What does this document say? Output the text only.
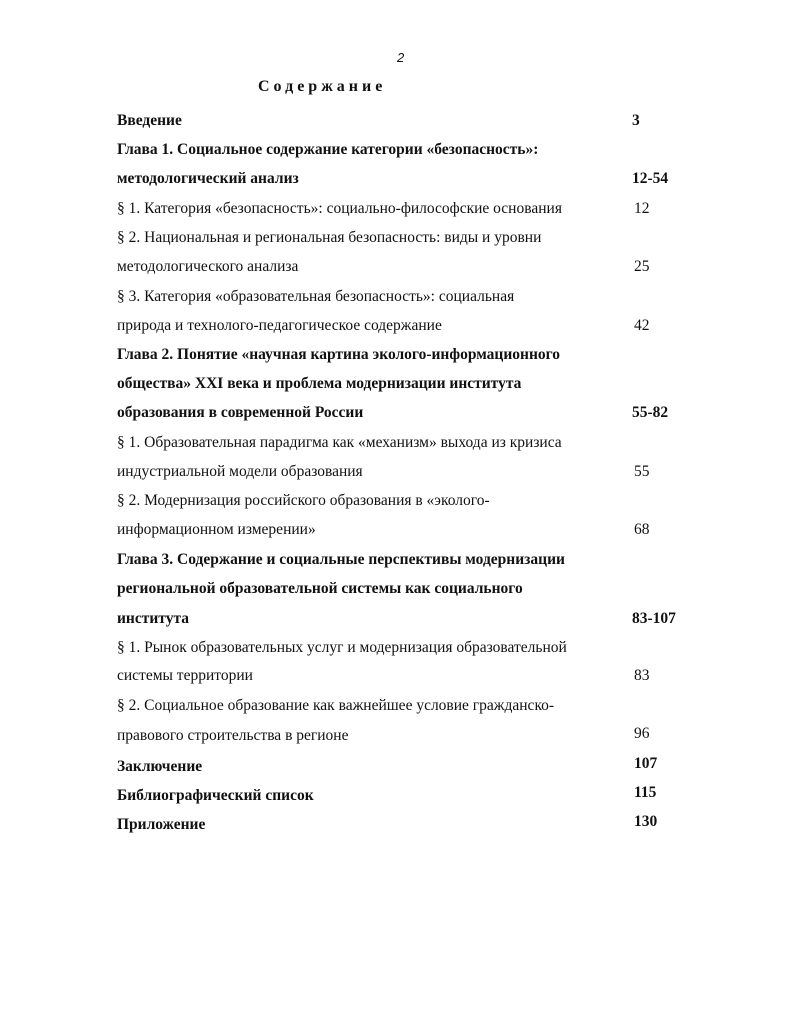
2
Содержание
Введение	3
Глава 1. Социальное содержание категории «безопасность»:
методологический анализ	12-54
§ 1. Категория «безопасность»: социально-философские основания	12
§ 2. Национальная и региональная безопасность: виды и уровни
методологического анализа	25
§ 3. Категория «образовательная безопасность»: социальная
природа и технолого-педагогическое содержание	42
Глава 2. Понятие «научная картина эколого-информационного
общества» XXI века и проблема модернизации института
образования в современной России	55-82
§ 1. Образовательная парадигма как «механизм» выхода из кризиса
индустриальной модели образования	55
§ 2. Модернизация российского образования в «эколого-
информационном измерении»	68
Глава 3. Содержание и социальные перспективы модернизации
региональной образовательной системы как социального
института	83-107
§ 1. Рынок образовательных услуг и модернизация образовательной
системы территории	83
§ 2. Социальное образование как важнейшее условие гражданско-
правового строительства в регионе	96
Заключение	107
Библиографический список	115
Приложение	130
